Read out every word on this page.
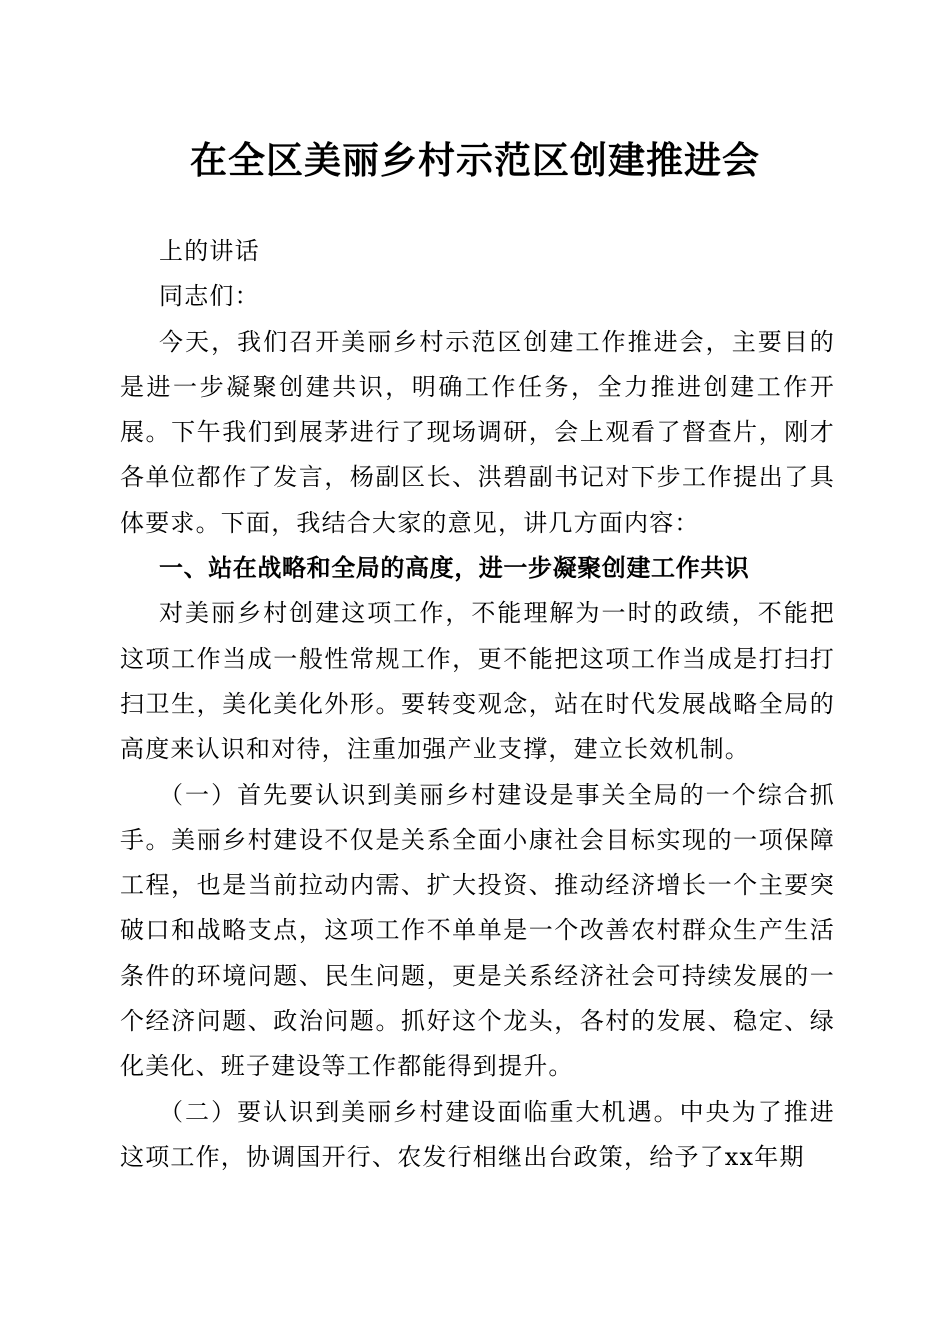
在全区美丽乡村示范区创建推进会

上的讲话

同志们：

今天，我们召开美丽乡村示范区创建工作推进会，主要目的是进一步凝聚创建共识，明确工作任务，全力推进创建工作开展。下午我们到展茅进行了现场调研，会上观看了督查片，刚才各单位都作了发言，杨副区长、洪碧副书记对下步工作提出了具体要求。下面，我结合大家的意见，讲几方面内容：

一、站在战略和全局的高度，进一步凝聚创建工作共识

对美丽乡村创建这项工作，不能理解为一时的政绩，不能把这项工作当成一般性常规工作，更不能把这项工作当成是打扫打扫卫生，美化美化外形。要转变观念，站在时代发展战略全局的高度来认识和对待，注重加强产业支撑，建立长效机制。

（一）首先要认识到美丽乡村建设是事关全局的一个综合抓手。美丽乡村建设不仅是关系全面小康社会目标实现的一项保障工程，也是当前拉动内需、扩大投资、推动经济增长一个主要突破口和战略支点，这项工作不单单是一个改善农村群众生产生活条件的环境问题、民生问题，更是关系经济社会可持续发展的一个经济问题、政治问题。抓好这个龙头，各村的发展、稳定、绿化美化、班子建设等工作都能得到提升。

（二）要认识到美丽乡村建设面临重大机遇。中央为了推进这项工作，协调国开行、农发行相继出台政策，给予了xx年期
